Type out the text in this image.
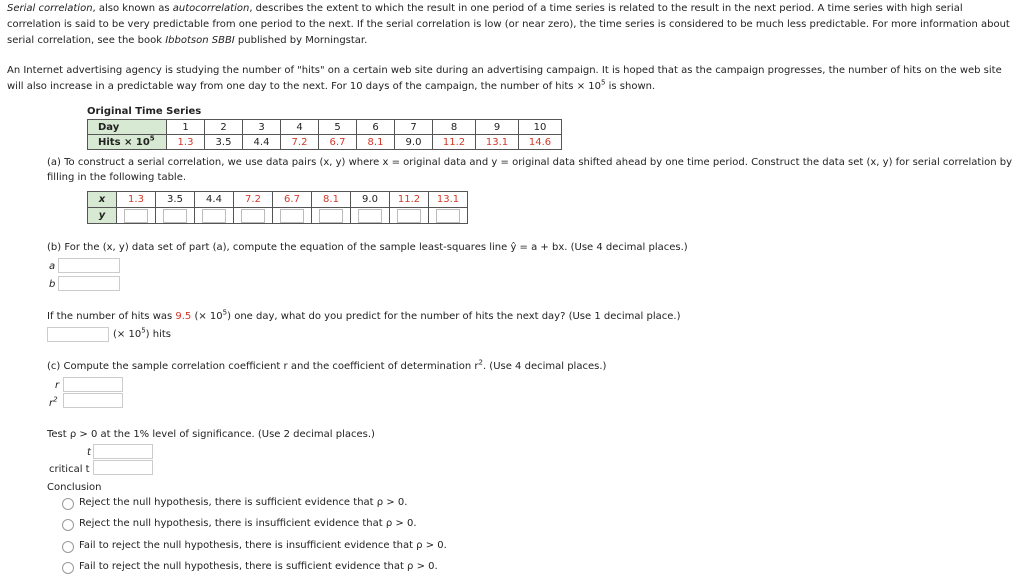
Serial correlation, also known as autocorrelation, describes the extent to which the result in one period of a time series is related to the result in the next period. A time series with high serial correlation is said to be very predictable from one period to the next. If the serial correlation is low (or near zero), the time series is considered to be much less predictable. For more information about serial correlation, see the book Ibbotson SBBI published by Morningstar.
An Internet advertising agency is studying the number of "hits" on a certain web site during an advertising campaign. It is hoped that as the campaign progresses, the number of hits on the web site will also increase in a predictable way from one day to the next. For 10 days of the campaign, the number of hits × $10^5$ is shown.
Original Time Series
Day	1	2	3	4	5	6	7	8	9	10
Hits × $10^5$	1.3	3.5	4.4	7.2	6.7	8.1	9.0	11.2	13.1	14.6
(a) To construct a serial correlation, we use data pairs (x, y) where x = original data and y = original data shifted ahead by one time period. Construct the data set (x, y) for serial correlation by filling in the following table.
x	1.3	3.5	4.4	7.2	6.7	8.1	9.0	11.2	13.1
y									
(b) For the (x, y) data set of part (a), compute the equation of the sample least-squares line ŷ = a + bx. (Use 4 decimal places.)
a
b
If the number of hits was 9.5 (× $10^5$) one day, what do you predict for the number of hits the next day? (Use 1 decimal place.)
(× $10^5$) hits
(c) Compute the sample correlation coefficient r and the coefficient of determination $r^2$. (Use 4 decimal places.)
r
$r^2$
Test ρ > 0 at the 1% level of significance. (Use 2 decimal places.)
t
critical t
Conclusion
Reject the null hypothesis, there is sufficient evidence that ρ > 0.
Reject the null hypothesis, there is insufficient evidence that ρ > 0.
Fail to reject the null hypothesis, there is insufficient evidence that ρ > 0.
Fail to reject the null hypothesis, there is sufficient evidence that ρ > 0.
